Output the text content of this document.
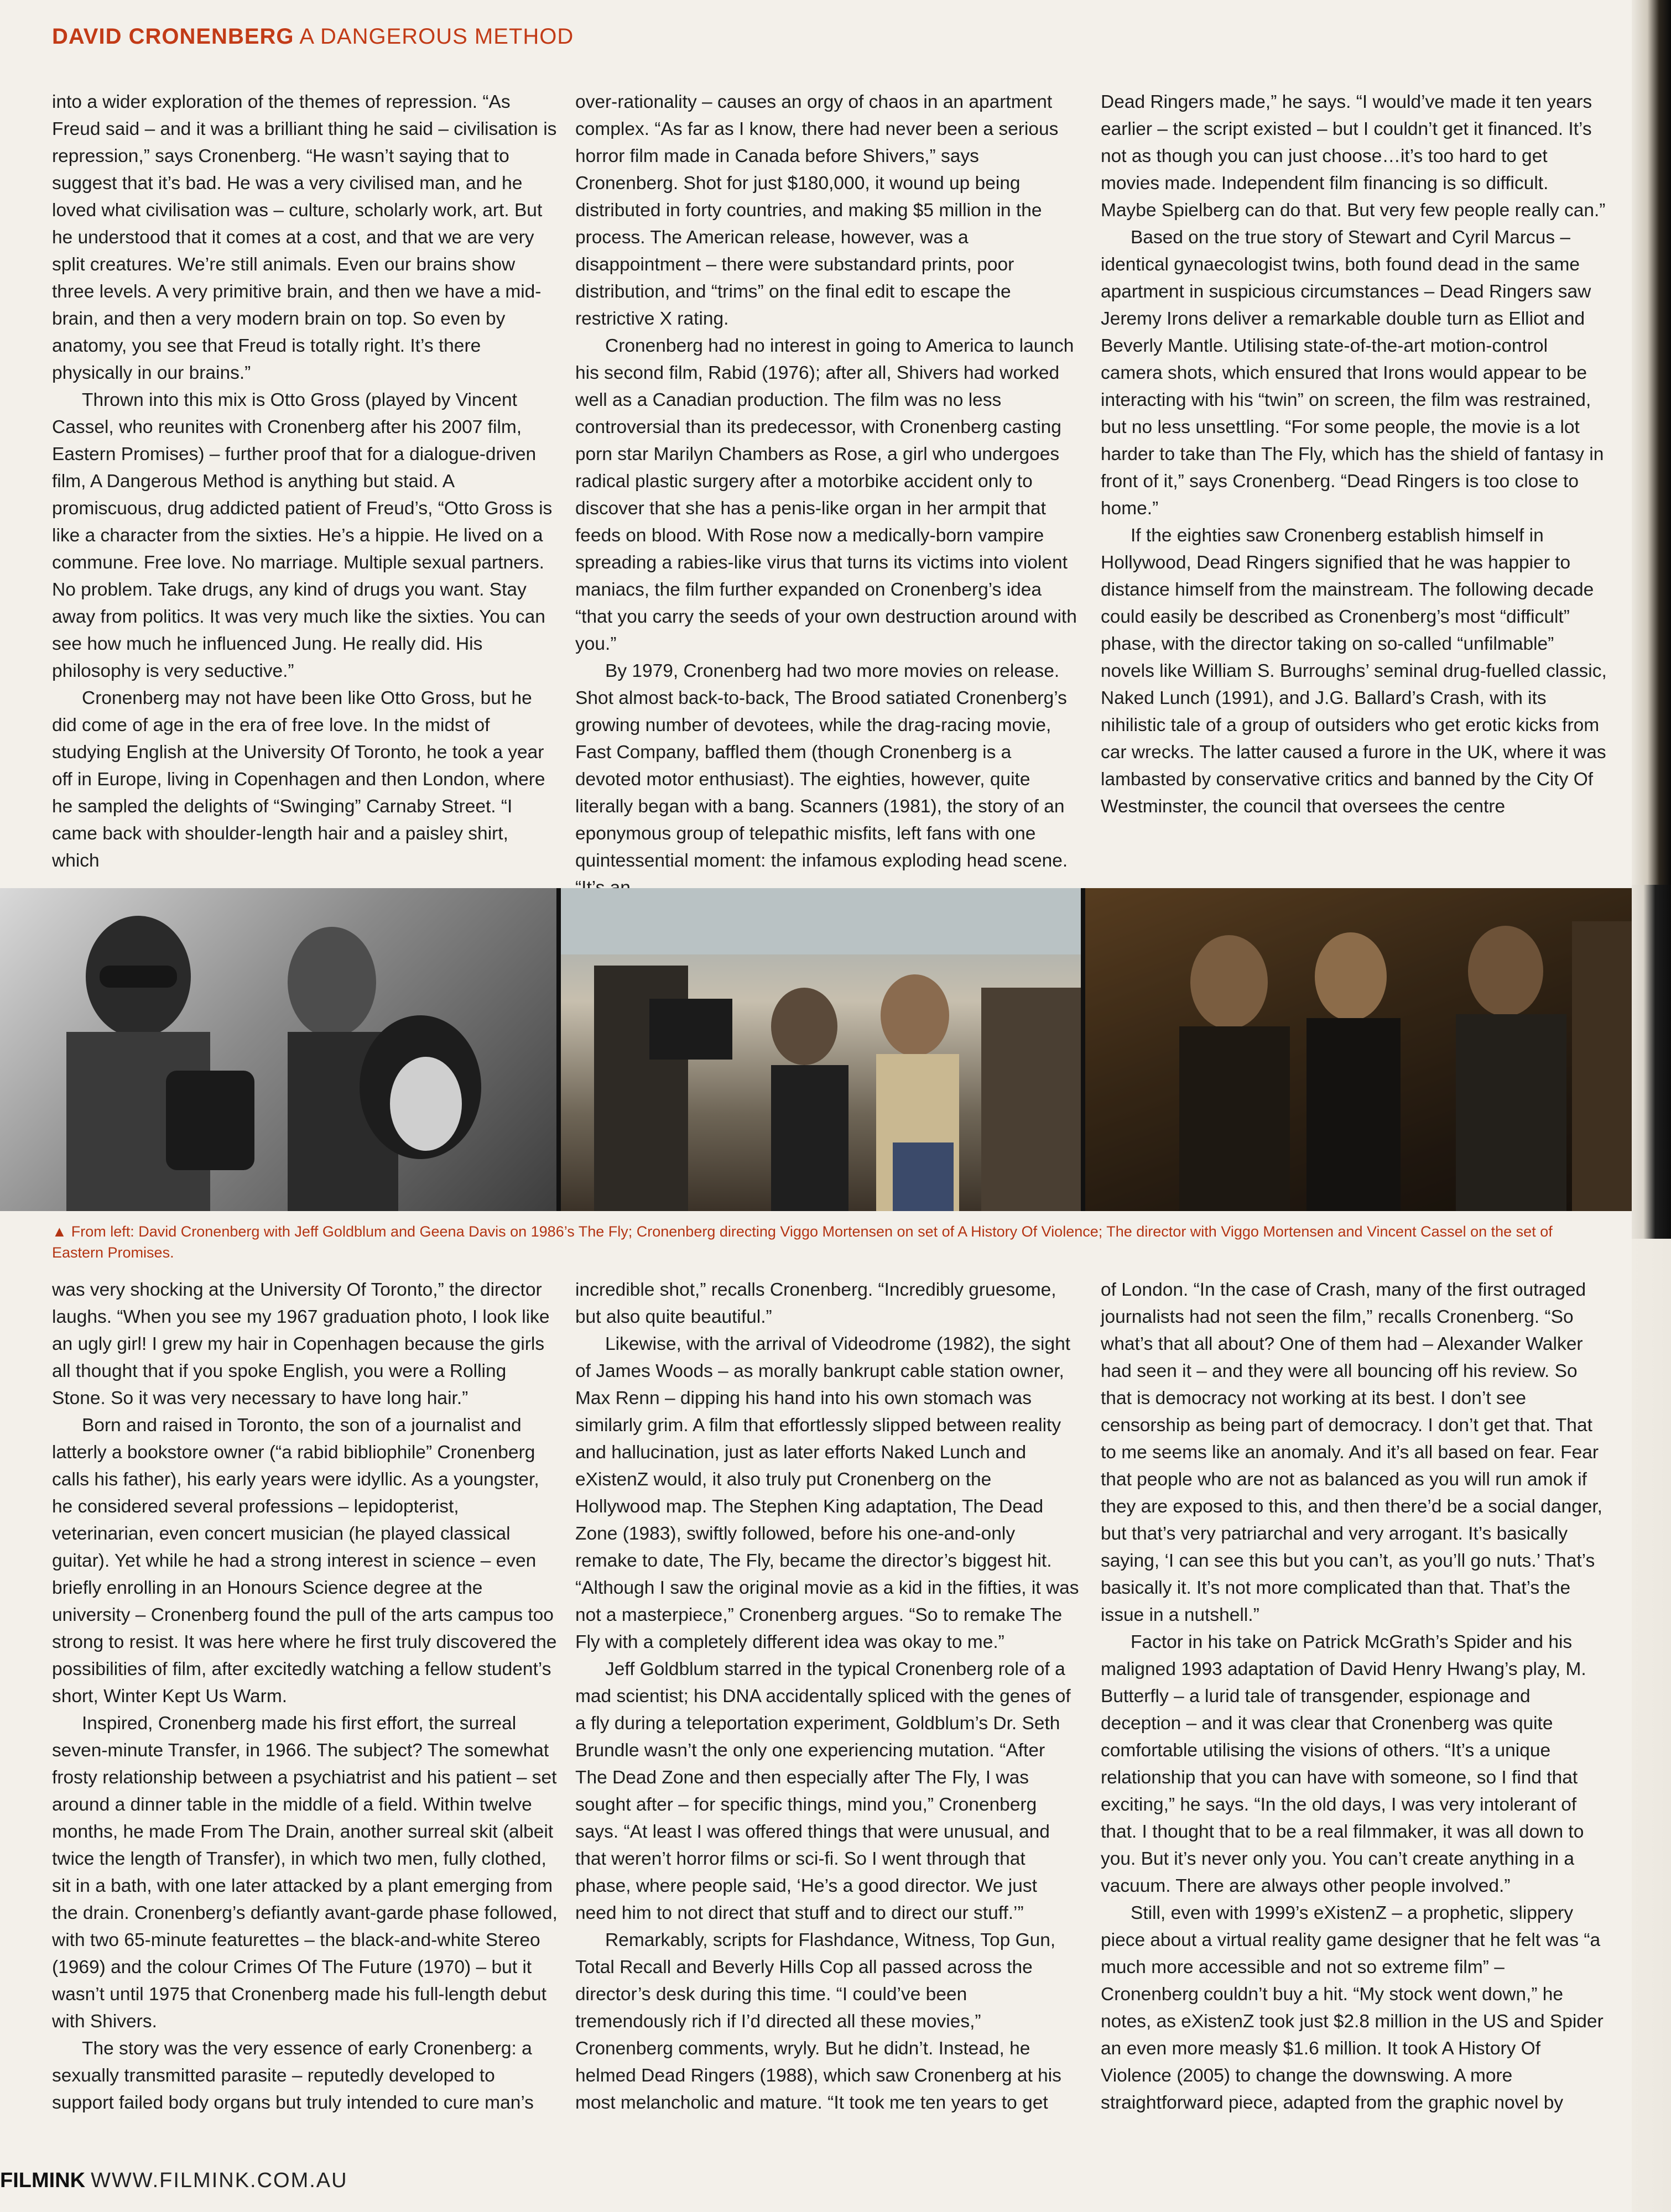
DAVID CRONENBERG A DANGEROUS METHOD

into a wider exploration of the themes of repression. “As Freud said – and it was a brilliant thing he said – civilisation is repression,” says Cronenberg. “He wasn’t saying that to suggest that it’s bad. He was a very civilised man, and he loved what civilisation was – culture, scholarly work, art. But he understood that it comes at a cost, and that we are very split creatures. We’re still animals. Even our brains show three levels. A very primitive brain, and then we have a mid-brain, and then a very modern brain on top. So even by anatomy, you see that Freud is totally right. It’s there physically in our brains.”

Thrown into this mix is Otto Gross (played by Vincent Cassel, who reunites with Cronenberg after his 2007 film, Eastern Promises) – further proof that for a dialogue-driven film, A Dangerous Method is anything but staid. A promiscuous, drug addicted patient of Freud’s, “Otto Gross is like a character from the sixties. He’s a hippie. He lived on a commune. Free love. No marriage. Multiple sexual partners. No problem. Take drugs, any kind of drugs you want. Stay away from politics. It was very much like the sixties. You can see how much he influenced Jung. He really did. His philosophy is very seductive.”

Cronenberg may not have been like Otto Gross, but he did come of age in the era of free love. In the midst of studying English at the University Of Toronto, he took a year off in Europe, living in Copenhagen and then London, where he sampled the delights of “Swinging” Carnaby Street. “I came back with shoulder-length hair and a paisley shirt, which

over-rationality – causes an orgy of chaos in an apartment complex. “As far as I know, there had never been a serious horror film made in Canada before Shivers,” says Cronenberg. Shot for just $180,000, it wound up being distributed in forty countries, and making $5 million in the process. The American release, however, was a disappointment – there were substandard prints, poor distribution, and “trims” on the final edit to escape the restrictive X rating.

Cronenberg had no interest in going to America to launch his second film, Rabid (1976); after all, Shivers had worked well as a Canadian production. The film was no less controversial than its predecessor, with Cronenberg casting porn star Marilyn Chambers as Rose, a girl who undergoes radical plastic surgery after a motorbike accident only to discover that she has a penis-like organ in her armpit that feeds on blood. With Rose now a medically-born vampire spreading a rabies-like virus that turns its victims into violent maniacs, the film further expanded on Cronenberg’s idea “that you carry the seeds of your own destruction around with you.”

By 1979, Cronenberg had two more movies on release. Shot almost back-to-back, The Brood satiated Cronenberg’s growing number of devotees, while the drag-racing movie, Fast Company, baffled them (though Cronenberg is a devoted motor enthusiast). The eighties, however, quite literally began with a bang. Scanners (1981), the story of an eponymous group of telepathic misfits, left fans with one quintessential moment: the infamous exploding head scene.

Dead Ringers made,” he says. “I would’ve made it ten years earlier – the script existed – but I couldn’t get it financed. It’s not as though you can just choose…it’s too hard to get movies made. Independent film financing is so difficult. Maybe Spielberg can do that. But very few people really can.”

Based on the true story of Stewart and Cyril Marcus – identical gynaecologist twins, both found dead in the same apartment in suspicious circumstances – Dead Ringers saw Jeremy Irons deliver a remarkable double turn as Elliot and Beverly Mantle. Utilising state-of-the-art motion-control camera shots, which ensured that Irons would appear to be interacting with his “twin” on screen, the film was restrained, but no less unsettling. “For some people, the movie is a lot harder to take than The Fly, which has the shield of fantasy in front of it,” says Cronenberg. “Dead Ringers is too close to home.”

If the eighties saw Cronenberg establish himself in Hollywood, Dead Ringers signified that he was happier to distance himself from the mainstream. The following decade could easily be described as Cronenberg’s most “difficult” phase, with the director taking on so-called “unfilmable” novels like William S. Burroughs’ seminal drug-fuelled classic, Naked Lunch (1991), and J.G. Ballard’s Crash, with its nihilistic tale of a group of outsiders who get erotic kicks from car wrecks. The latter caused a furore in the UK, where it was lambasted by conservative critics and banned by the City Of Westminster, the council that oversees the centre

▲ From left: David Cronenberg with Jeff Goldblum and Geena Davis on 1986’s The Fly; Cronenberg directing Viggo Mortensen on set of A History Of Violence; The director with Viggo Mortensen and Vincent Cassel on the set of Eastern Promises.

was very shocking at the University Of Toronto,” the director laughs. “When you see my 1967 graduation photo, I look like an ugly girl! I grew my hair in Copenhagen because the girls all thought that if you spoke English, you were a Rolling Stone. So it was very necessary to have long hair.”

Born and raised in Toronto, the son of a journalist and latterly a bookstore owner (“a rabid bibliophile” Cronenberg calls his father), his early years were idyllic. As a youngster, he considered several professions – lepidopterist, veterinarian, even concert musician (he played classical guitar). Yet while he had a strong interest in science – even briefly enrolling in an Honours Science degree at the university – Cronenberg found the pull of the arts campus too strong to resist. It was here where he first truly discovered the possibilities of film, after excitedly watching a fellow student’s short, Winter Kept Us Warm.

Inspired, Cronenberg made his first effort, the surreal seven-minute Transfer, in 1966. The subject? The somewhat frosty relationship between a psychiatrist and his patient – set around a dinner table in the middle of a field. Within twelve months, he made From The Drain, another surreal skit (albeit twice the length of Transfer), in which two men, fully clothed, sit in a bath, with one later attacked by a plant emerging from the drain. Cronenberg’s defiantly avant-garde phase followed, with two 65-minute featurettes – the black-and-white Stereo (1969) and the colour Crimes Of The Future (1970) – but it wasn’t until 1975 that Cronenberg made his full-length debut with Shivers.

The story was the very essence of early Cronenberg: a sexually transmitted parasite – reputedly developed to support failed body organs but truly intended to cure man’s

incredible shot,” recalls Cronenberg. “Incredibly gruesome, but also quite beautiful.”

Likewise, with the arrival of Videodrome (1982), the sight of James Woods – as morally bankrupt cable station owner, Max Renn – dipping his hand into his own stomach was similarly grim. A film that effortlessly slipped between reality and hallucination, just as later efforts Naked Lunch and eXistenZ would, it also truly put Cronenberg on the Hollywood map. The Stephen King adaptation, The Dead Zone (1983), swiftly followed, before his one-and-only remake to date, The Fly, became the director’s biggest hit. “Although I saw the original movie as a kid in the fifties, it was not a masterpiece,” Cronenberg argues. “So to remake The Fly with a completely different idea was okay to me.”

Jeff Goldblum starred in the typical Cronenberg role of a mad scientist; his DNA accidentally spliced with the genes of a fly during a teleportation experiment, Goldblum’s Dr. Seth Brundle wasn’t the only one experiencing mutation. “After The Dead Zone and then especially after The Fly, I was sought after – for specific things, mind you,” Cronenberg says. “At least I was offered things that were unusual, and that weren’t horror films or sci-fi. So I went through that phase, where people said, ‘He’s a good director. We just need him to not direct that stuff and to direct our stuff.’”

Remarkably, scripts for Flashdance, Witness, Top Gun, Total Recall and Beverly Hills Cop all passed across the director’s desk during this time. “I could’ve been tremendously rich if I’d directed all these movies,” Cronenberg comments, wryly. But he didn’t. Instead, he helmed Dead Ringers (1988), which saw Cronenberg at his most melancholic and mature. “It took me ten years to get

of London. “In the case of Crash, many of the first outraged journalists had not seen the film,” recalls Cronenberg. “So what’s that all about? One of them had – Alexander Walker had seen it – and they were all bouncing off his review. So that is democracy not working at its best. I don’t see censorship as being part of democracy. I don’t get that. That to me seems like an anomaly. And it’s all based on fear. Fear that people who are not as balanced as you will run amok if they are exposed to this, and then there’d be a social danger, but that’s very patriarchal and very arrogant. It’s basically saying, ‘I can see this but you can’t, as you’ll go nuts.’ That’s basically it. It’s not more complicated than that. That’s the issue in a nutshell.”

Factor in his take on Patrick McGrath’s Spider and his maligned 1993 adaptation of David Henry Hwang’s play, M. Butterfly – a lurid tale of transgender, espionage and deception – and it was clear that Cronenberg was quite comfortable utilising the visions of others. “It’s a unique relationship that you can have with someone, so I find that exciting,” he says. “In the old days, I was very intolerant of that. I thought that to be a real filmmaker, it was all down to you. But it’s never only you. You can’t create anything in a vacuum. There are always other people involved.”

Still, even with 1999’s eXistenZ – a prophetic, slippery piece about a virtual reality game designer that he felt was “a much more accessible and not so extreme film” – Cronenberg couldn’t buy a hit. “My stock went down,” he notes, as eXistenZ took just $2.8 million in the US and Spider an even more measly $1.6 million. It took A History Of Violence (2005) to change the downswing. A more straightforward piece, adapted from the graphic novel by

FILMINK WWW.FILMINK.COM.AU
